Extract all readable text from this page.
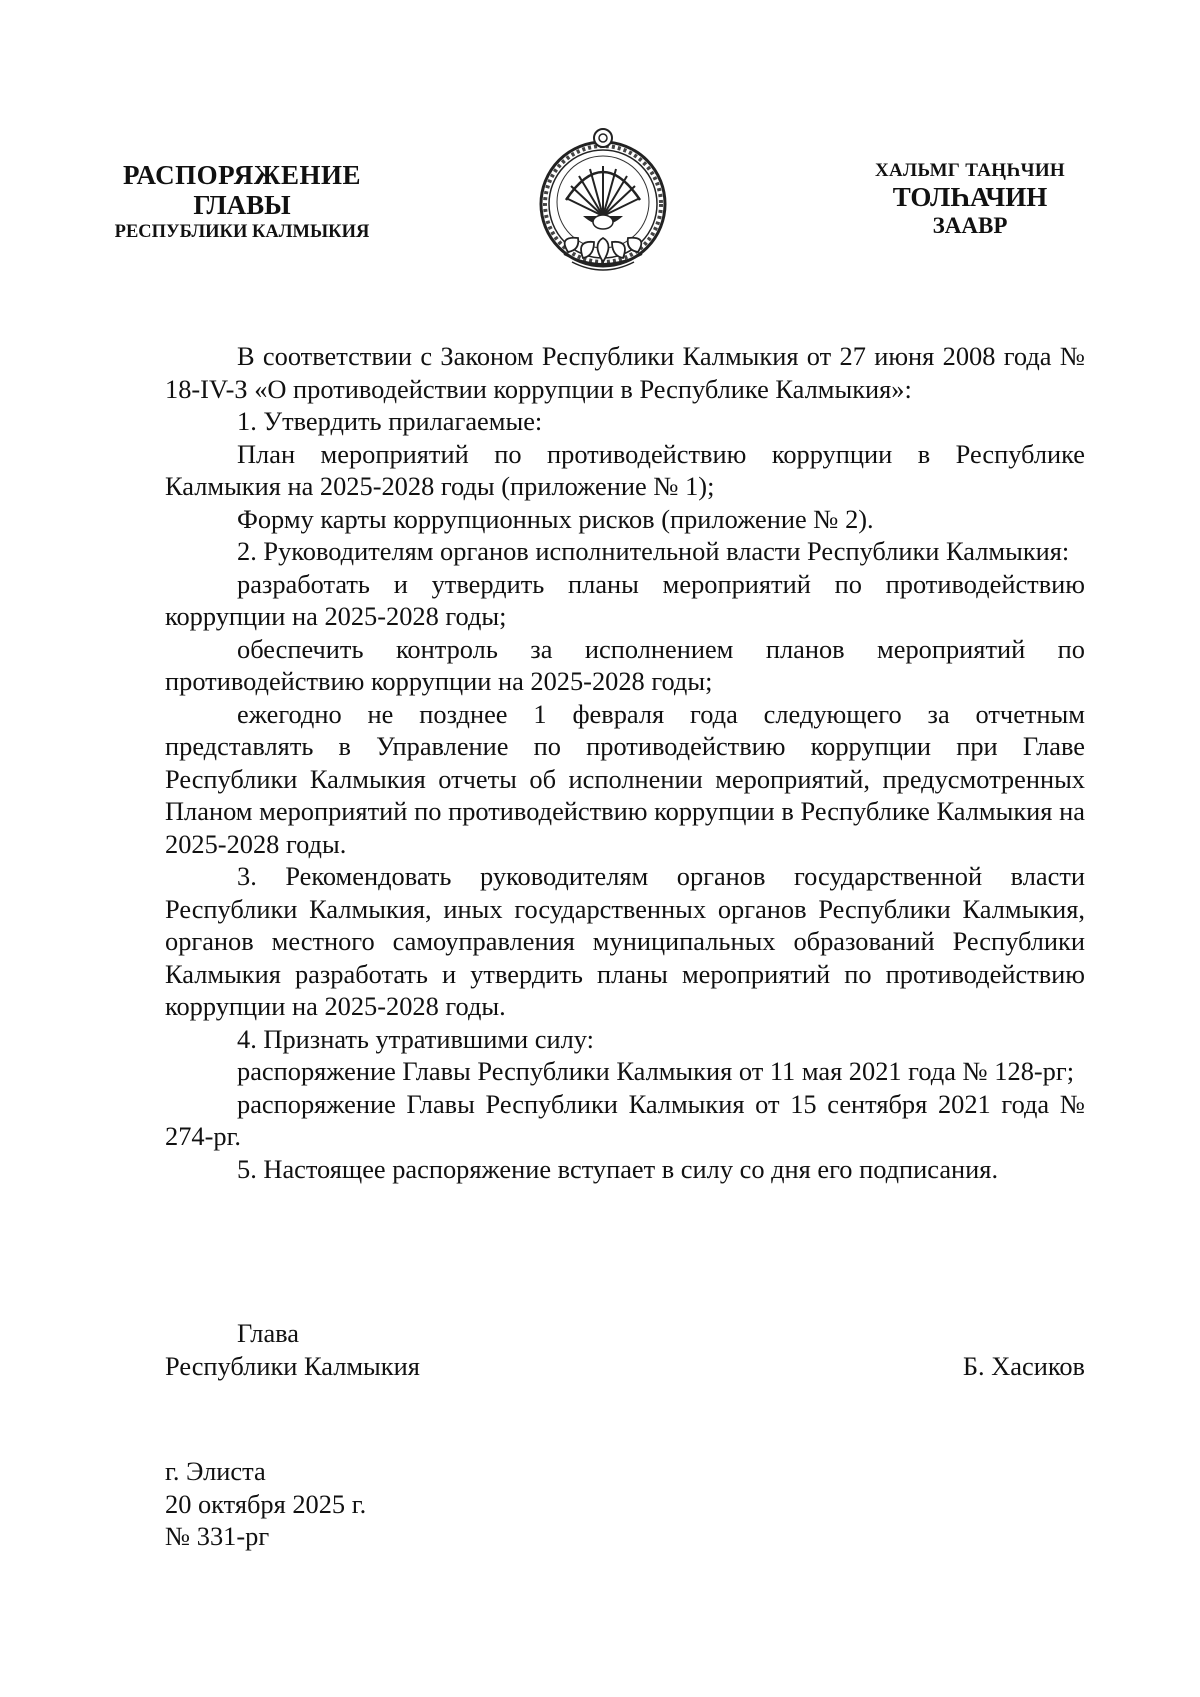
РАСПОРЯЖЕНИЕ
ГЛАВЫ
РЕСПУБЛИКИ КАЛМЫКИЯ
ХАЛЬМГ ТАҢҺЧИН
ТОЛҺАЧИН
ЗААВР

В соответствии с Законом Республики Калмыкия от 27 июня 2008 года № 18-IV-З «О противодействии коррупции в Республике Калмыкия»:

1. Утвердить прилагаемые:

План мероприятий по противодействию коррупции в Республике Калмыкия на 2025-2028 годы (приложение № 1);

Форму карты коррупционных рисков (приложение № 2).

2. Руководителям органов исполнительной власти Республики Калмыкия:

разработать и утвердить планы мероприятий по противодействию коррупции на 2025-2028 годы;

обеспечить контроль за исполнением планов мероприятий по противодействию коррупции на 2025-2028 годы;

ежегодно не позднее 1 февраля года следующего за отчетным представлять в Управление по противодействию коррупции при Главе Республики Калмыкия отчеты об исполнении мероприятий, предусмотренных Планом мероприятий по противодействию коррупции в Республике Калмыкия на 2025-2028 годы.

3. Рекомендовать руководителям органов государственной власти Республики Калмыкия, иных государственных органов Республики Калмыкия, органов местного самоуправления муниципальных образований Республики Калмыкия разработать и утвердить планы мероприятий по противодействию коррупции на 2025-2028 годы.

4. Признать утратившими силу:

распоряжение Главы Республики Калмыкия от 11 мая 2021 года № 128-рг;

распоряжение Главы Республики Калмыкия от 15 сентября 2021 года № 274-рг.

5. Настоящее распоряжение вступает в силу со дня его подписания.

Глава
Республики Калмыкия	Б. Хасиков
г. Элиста
20 октября 2025 г.
№ 331-рг
